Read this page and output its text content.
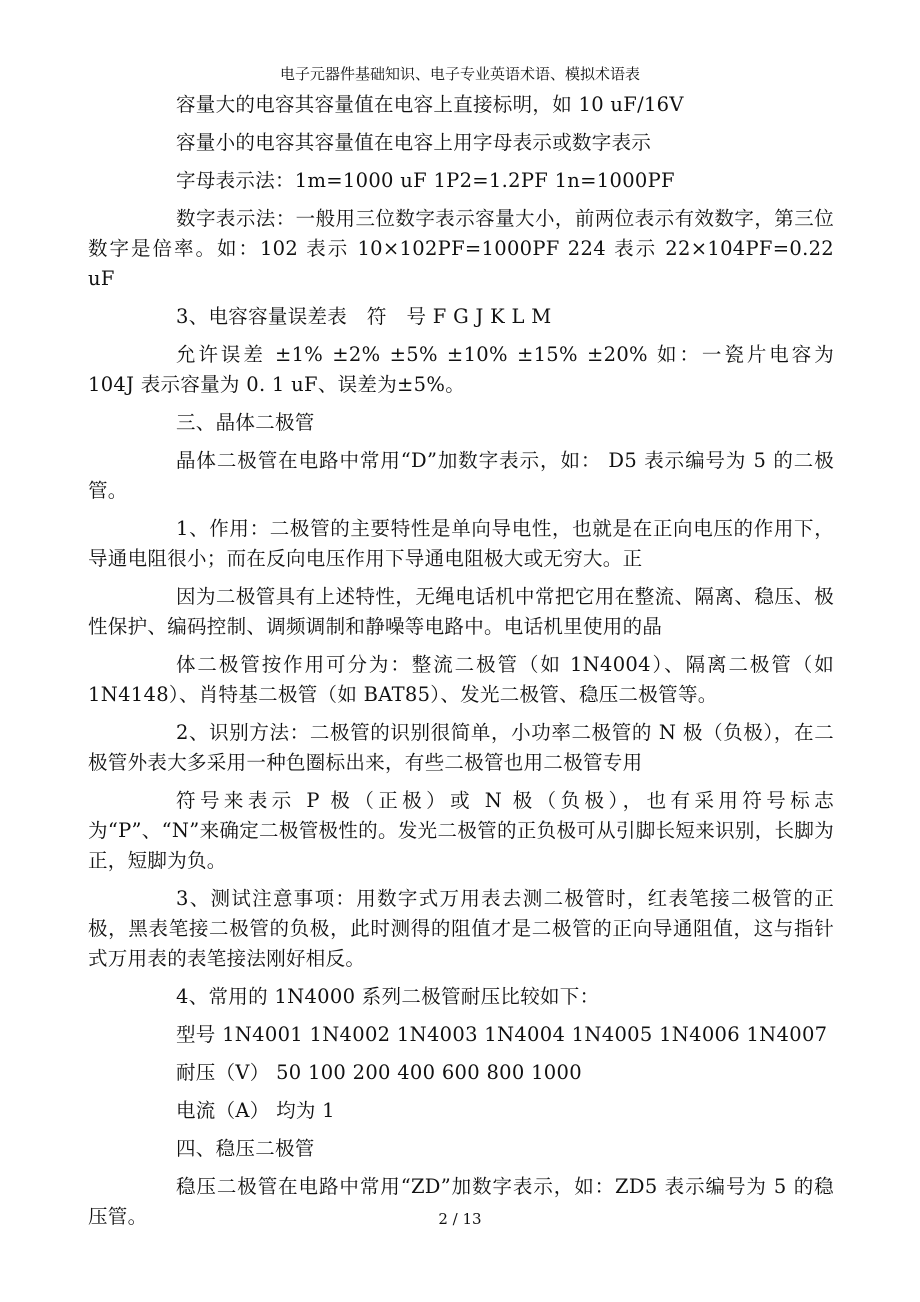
电子元器件基础知识、电子专业英语术语、模拟术语表

容量大的电容其容量值在电容上直接标明，如 10 uF/16V

容量小的电容其容量值在电容上用字母表示或数字表示

字母表示法：1m=1000 uF 1P2=1.2PF 1n=1000PF

数字表示法：一般用三位数字表示容量大小，前两位表示有效数字，第三位数字是倍率。如：102 表示 10×102PF=1000PF 224 表示 22×104PF=0.22 uF

3、电容容量误差表　符　号 F G J K L M

允许误差 ±1% ±2% ±5% ±10% ±15% ±20% 如：一瓷片电容为 104J 表示容量为 0. 1 uF、误差为±5%。

三、晶体二极管

晶体二极管在电路中常用“D”加数字表示，如： D5 表示编号为 5 的二极管。

1、作用：二极管的主要特性是单向导电性，也就是在正向电压的作用下，导通电阻很小；而在反向电压作用下导通电阻极大或无穷大。正

因为二极管具有上述特性，无绳电话机中常把它用在整流、隔离、稳压、极性保护、编码控制、调频调制和静噪等电路中。电话机里使用的晶

体二极管按作用可分为：整流二极管（如 1N4004）、隔离二极管（如 1N4148）、肖特基二极管（如 BAT85）、发光二极管、稳压二极管等。

2、识别方法：二极管的识别很简单，小功率二极管的 N 极（负极），在二极管外表大多采用一种色圈标出来，有些二极管也用二极管专用

符号来表示 P 极（正极）或 N 极（负极），也有采用符号标志为“P”、“N”来确定二极管极性的。发光二极管的正负极可从引脚长短来识别，长脚为正，短脚为负。

3、测试注意事项：用数字式万用表去测二极管时，红表笔接二极管的正极，黑表笔接二极管的负极，此时测得的阻值才是二极管的正向导通阻值，这与指针式万用表的表笔接法刚好相反。

4、常用的 1N4000 系列二极管耐压比较如下：

型号 1N4001 1N4002 1N4003 1N4004 1N4005 1N4006 1N4007

耐压（V） 50 100 200 400 600 800 1000

电流（A） 均为 1

四、稳压二极管

稳压二极管在电路中常用“ZD”加数字表示，如：ZD5 表示编号为 5 的稳压管。	2 / 13
